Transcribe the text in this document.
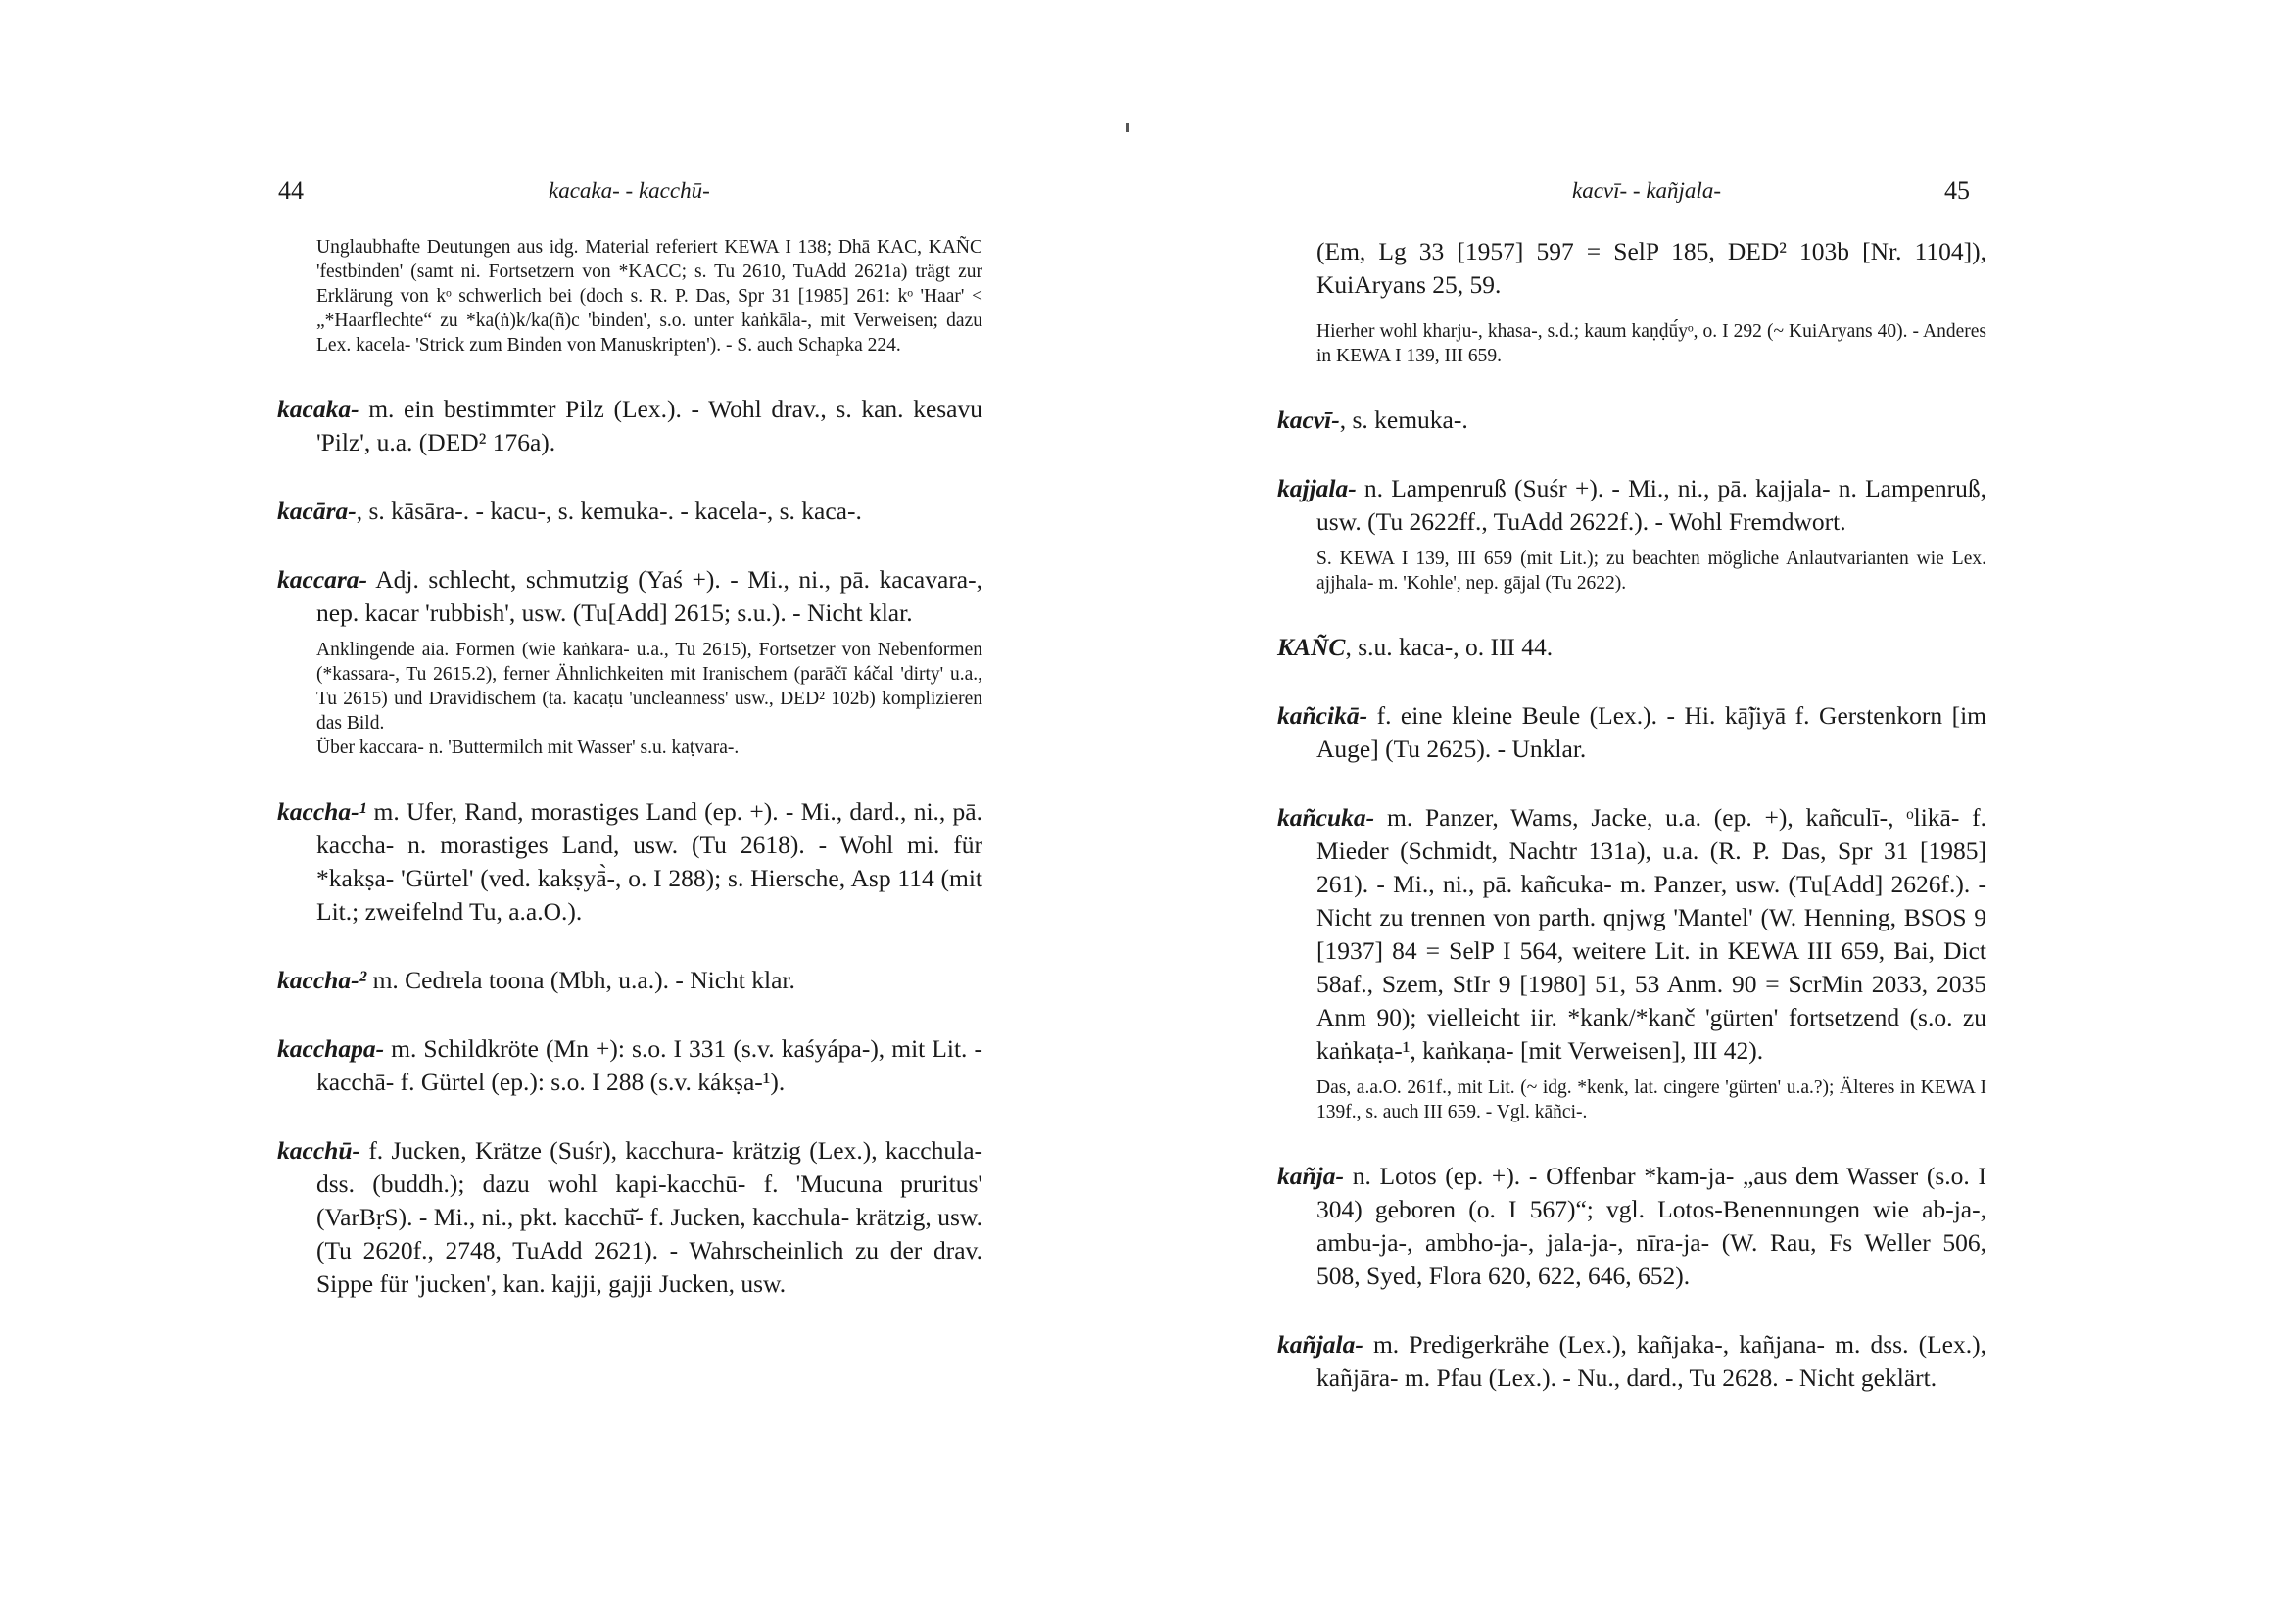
44	kacaka- - kacchū-

Unglaubhafte Deutungen aus idg. Material referiert KEWA I 138; Dhā KAC, KAÑC 'festbinden' (samt ni. Fortsetzern von *KACC; s. Tu 2610, TuAdd 2621a) trägt zur Erklärung von kᵒ schwerlich bei (doch s. R. P. Das, Spr 31 [1985] 261: kᵒ 'Haar' < „*Haarflechte“ zu *ka(ṅ)k/ka(ñ)c 'binden', s.o. unter kaṅkāla-, mit Verweisen; dazu Lex. kacela- 'Strick zum Binden von Manuskripten'). - S. auch Schapka 224.

kacaka- m. ein bestimmter Pilz (Lex.). - Wohl drav., s. kan. kesavu 'Pilz', u.a. (DED² 176a).

kacāra-, s. kāsāra-. - kacu-, s. kemuka-. - kacela-, s. kaca-.

kaccara- Adj. schlecht, schmutzig (Yaś +). - Mi., ni., pā. kacavara-, nep. kacar 'rubbish', usw. (Tu[Add] 2615; s.u.). - Nicht klar.

Anklingende aia. Formen (wie kaṅkara- u.a., Tu 2615), Fortsetzer von Nebenformen (*kassara-, Tu 2615.2), ferner Ähnlichkeiten mit Iranischem (parāčī káčal 'dirty' u.a., Tu 2615) und Dravidischem (ta. kacaṭu 'uncleanness' usw., DED² 102b) komplizieren das Bild.

Über kaccara- n. 'Buttermilch mit Wasser' s.u. kaṭvara-.

kaccha-¹ m. Ufer, Rand, morastiges Land (ep. +). - Mi., dard., ni., pā. kaccha- n. morastiges Land, usw. (Tu 2618). - Wohl mi. für *kakṣa- 'Gürtel' (ved. kakṣyā̀-, o. I 288); s. Hiersche, Asp 114 (mit Lit.; zweifelnd Tu, a.a.O.).

kaccha-² m. Cedrela toona (Mbh, u.a.). - Nicht klar.

kacchapa- m. Schildkröte (Mn +): s.o. I 331 (s.v. kaśyápa-), mit Lit. - kacchā- f. Gürtel (ep.): s.o. I 288 (s.v. kákṣa-¹).

kacchū- f. Jucken, Krätze (Suśr), kacchura- krätzig (Lex.), kacchula- dss. (buddh.); dazu wohl kapi-kacchū- f. 'Mucuna pruritus' (VarBṛS). - Mi., ni., pkt. kacchū̆- f. Jucken, kacchula- krätzig, usw. (Tu 2620f., 2748, TuAdd 2621). - Wahrscheinlich zu der drav. Sippe für 'jucken', kan. kajji, gajji Jucken, usw.

kacvī- - kañjala-	45

(Em, Lg 33 [1957] 597 = SelP 185, DED² 103b [Nr. 1104]), KuiAryans 25, 59.

Hierher wohl kharju-, khasa-, s.d.; kaum kaṇḍū́yᵒ, o. I 292 (~ KuiAryans 40). - Anderes in KEWA I 139, III 659.

kacvī-, s. kemuka-.

kajjala- n. Lampenruß (Suśr +). - Mi., ni., pā. kajjala- n. Lampenruß, usw. (Tu 2622ff., TuAdd 2622f.). - Wohl Fremdwort.

S. KEWA I 139, III 659 (mit Lit.); zu beachten mögliche Anlautvarianten wie Lex. ajjhala- m. 'Kohle', nep. gājal (Tu 2622).

KAÑC, s.u. kaca-, o. III 44.

kañcikā- f. eine kleine Beule (Lex.). - Hi. kā̃jiyā f. Gerstenkorn [im Auge] (Tu 2625). - Unklar.

kañcuka- m. Panzer, Wams, Jacke, u.a. (ep. +), kañculī-, ᵒlikā- f. Mieder (Schmidt, Nachtr 131a), u.a. (R. P. Das, Spr 31 [1985] 261). - Mi., ni., pā. kañcuka- m. Panzer, usw. (Tu[Add] 2626f.). - Nicht zu trennen von parth. qnjwg 'Mantel' (W. Henning, BSOS 9 [1937] 84 = SelP I 564, weitere Lit. in KEWA III 659, Bai, Dict 58af., Szem, StIr 9 [1980] 51, 53 Anm. 90 = ScrMin 2033, 2035 Anm 90); vielleicht iir. *kank/*kanč 'gürten' fortsetzend (s.o. zu kaṅkaṭa-¹, kaṅkaṇa- [mit Verweisen], III 42).

Das, a.a.O. 261f., mit Lit. (~ idg. *kenk, lat. cingere 'gürten' u.a.?); Älteres in KEWA I 139f., s. auch III 659. - Vgl. kāñci-.

kañja- n. Lotos (ep. +). - Offenbar *kam-ja- „aus dem Wasser (s.o. I 304) geboren (o. I 567)“; vgl. Lotos-Benennungen wie ab-ja-, ambu-ja-, ambho-ja-, jala-ja-, nīra-ja- (W. Rau, Fs Weller 506, 508, Syed, Flora 620, 622, 646, 652).

kañjala- m. Predigerkrähe (Lex.), kañjaka-, kañjana- m. dss. (Lex.), kañjāra- m. Pfau (Lex.). - Nu., dard., Tu 2628. - Nicht geklärt.
